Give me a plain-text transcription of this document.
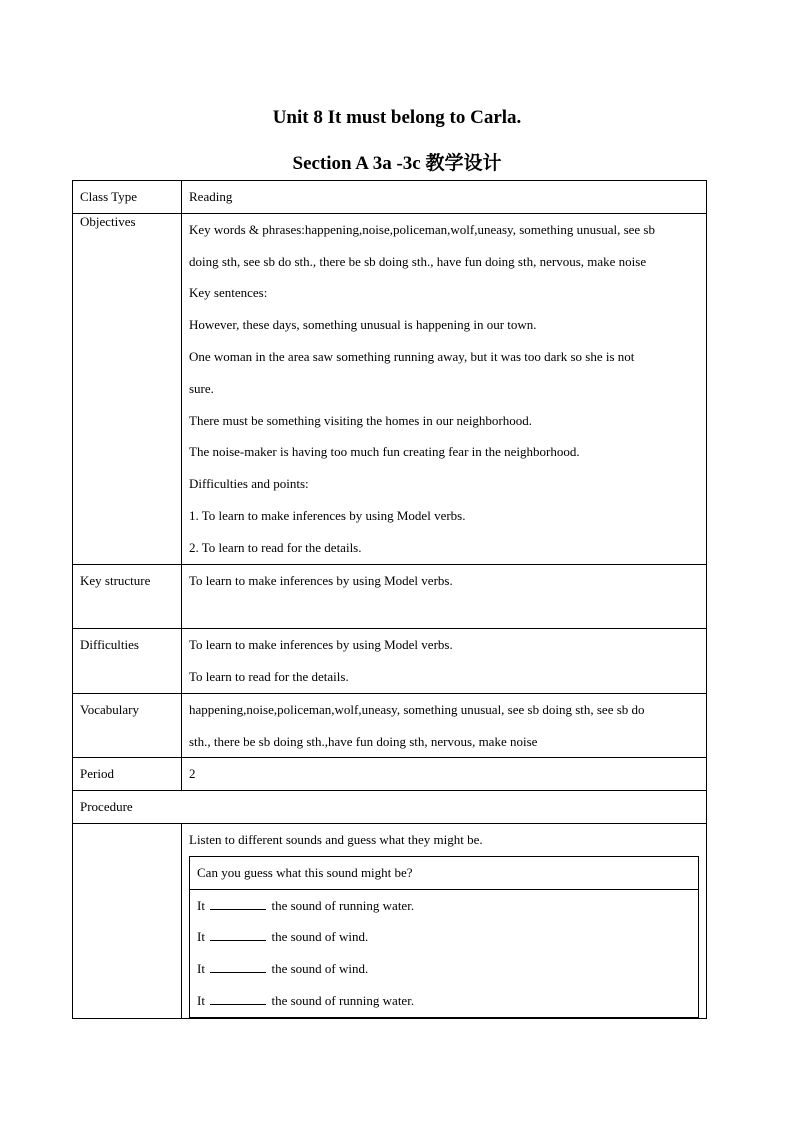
Unit 8 It must belong to Carla.
Section A 3a -3c 教学设计
Class Type	Reading

Objectives

Key words & phrases:happening,noise,policeman,wolf,uneasy, something unusual, see sb
doing sth, see sb do sth., there be sb doing sth., have fun doing sth, nervous, make noise
Key sentences:
However, these days, something unusual is happening in our town.
One woman in the area saw something running away, but it was too dark so she is not
sure.
There must be something visiting the homes in our neighborhood.
The noise-maker is having too much fun creating fear in the neighborhood.
Difficulties and points:
1. To learn to make inferences by using Model verbs.
2. To learn to read for the details.

Key structure	To learn to make inferences by using Model verbs.

Difficulties	To learn to make inferences by using Model verbs.
To learn to read for the details.

Vocabulary	happening,noise,policeman,wolf,uneasy, something unusual, see sb doing sth, see sb do
sth., there be sb doing sth.,have fun doing sth, nervous, make noise

Period	2

Procedure

Listen to different sounds and guess what they might be.
Can you guess what this sound might be?

It	the sound of running water.
It	the sound of wind.
It	the sound of wind.
It	the sound of running water.
